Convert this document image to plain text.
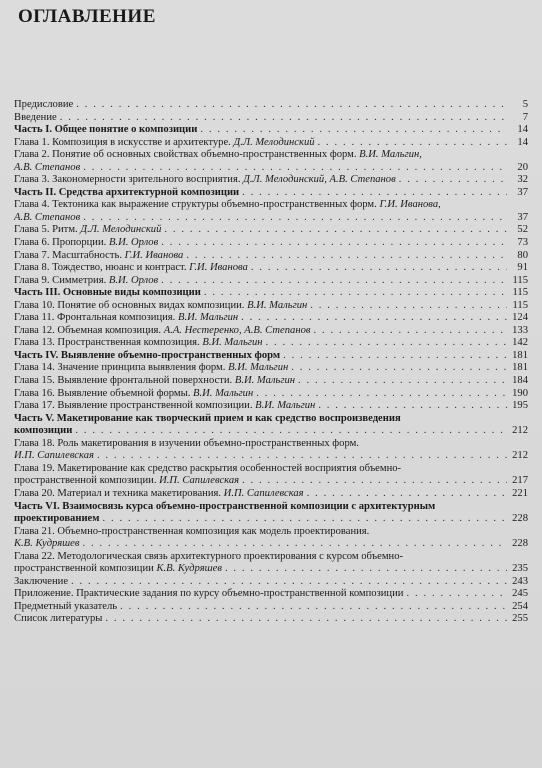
ОГЛАВЛЕНИЕ
Предисловие . . .	5
Введение . . .	7
Часть I. Общее понятие о композиции . . .	14
Глава 1. Композиция в искусстве и архитектуре. Д.Л. Мелодинский . . .	14
Глава 2. Понятие об основных свойствах объемно-пространственных форм. В.И. Мальгин,
А.В. Степанов . . .	20
Глава 3. Закономерности зрительного восприятия. Д.Л. Мелодинский, А.В. Степанов . . .	32
Часть II. Средства архитектурной композиции . . .	37
Глава 4. Тектоника как выражение структуры объемно-пространственных форм. Г.И. Иванова,
А.В. Степанов . . .	37
Глава 5. Ритм. Д.Л. Мелодинский . . .	52
Глава 6. Пропорции. В.И. Орлов . . .	73
Глава 7. Масштабность. Г.И. Иванова . . .	80
Глава 8. Тождество, нюанс и контраст. Г.И. Иванова . . .	91
Глава 9. Симметрия. В.И. Орлов . . .	115
Часть III. Основные виды композиции . . .	115
Глава 10. Понятие об основных видах композиции. В.И. Мальгин . . .	115
Глава 11. Фронтальная композиция. В.И. Мальгин . . .	124
Глава 12. Объемная композиция. А.А. Нестеренко, А.В. Степанов . . .	133
Глава 13. Пространственная композиция. В.И. Мальгин . . .	142
Часть IV. Выявление объемно-пространственных форм . . .	181
Глава 14. Значение принципа выявления форм. В.И. Мальгин . . .	181
Глава 15. Выявление фронтальной поверхности. В.И. Мальгин . . .	184
Глава 16. Выявление объемной формы. В.И. Мальгин . . .	190
Глава 17. Выявление пространственной композиции. В.И. Мальгин . . .	195
Часть V. Макетирование как творческий прием и как средство воспроизведения
композиции . . .	212
Глава 18. Роль макетирования в изучении объемно-пространственных форм.
И.П. Сапилевская . . .	212
Глава 19. Макетирование как средство раскрытия особенностей восприятия объемно-
пространственной композиции. И.П. Сапилевская . . .	217
Глава 20. Материал и техника макетирования. И.П. Сапилевская . . .	221
Часть VI. Взаимосвязь курса объемно-пространственной композиции с архитектурным
проектированием . . .	228
Глава 21. Объемно-пространственная композиция как модель проектирования.
К.В. Кудряшев . . .	228
Глава 22. Методологическая связь архитектурного проектирования с курсом объемно-
пространственной композиции К.В. Кудряшев . . .	235
Заключение . . .	243
Приложение. Практические задания по курсу объемно-пространственной композиции . . .	245
Предметный указатель . . .	254
Список литературы . . .	255
